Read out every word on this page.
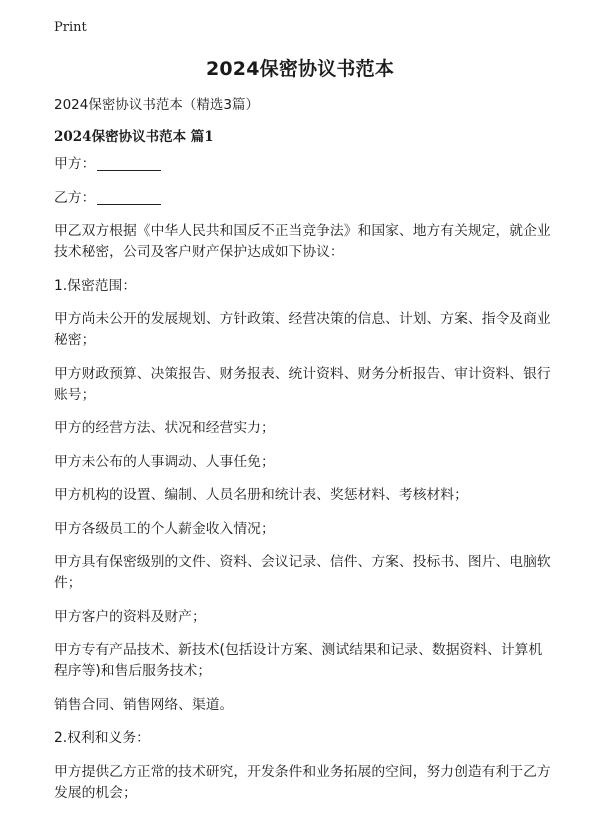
Print
2024保密协议书范本
2024保密协议书范本（精选3篇）
2024保密协议书范本 篇1

甲方：

乙方：

甲乙双方根据《中华人民共和国反不正当竞争法》和国家、地方有关规定，就企业技术秘密，公司及客户财产保护达成如下协议：

1.保密范围：

甲方尚未公开的发展规划、方针政策、经营决策的信息、计划、方案、指令及商业秘密；

甲方财政预算、决策报告、财务报表、统计资料、财务分析报告、审计资料、银行账号；

甲方的经营方法、状况和经营实力；

甲方未公布的人事调动、人事任免；

甲方机构的设置、编制、人员名册和统计表、奖惩材料、考核材料；

甲方各级员工的个人薪金收入情况；

甲方具有保密级别的文件、资料、会议记录、信件、方案、投标书、图片、电脑软件；

甲方客户的资料及财产；

甲方专有产品技术、新技术(包括设计方案、测试结果和记录、数据资料、计算机程序等)和售后服务技术；

销售合同、销售网络、渠道。

2.权利和义务：

甲方提供乙方正常的技术研究，开发条件和业务拓展的空间，努力创造有利于乙方发展的机会；
